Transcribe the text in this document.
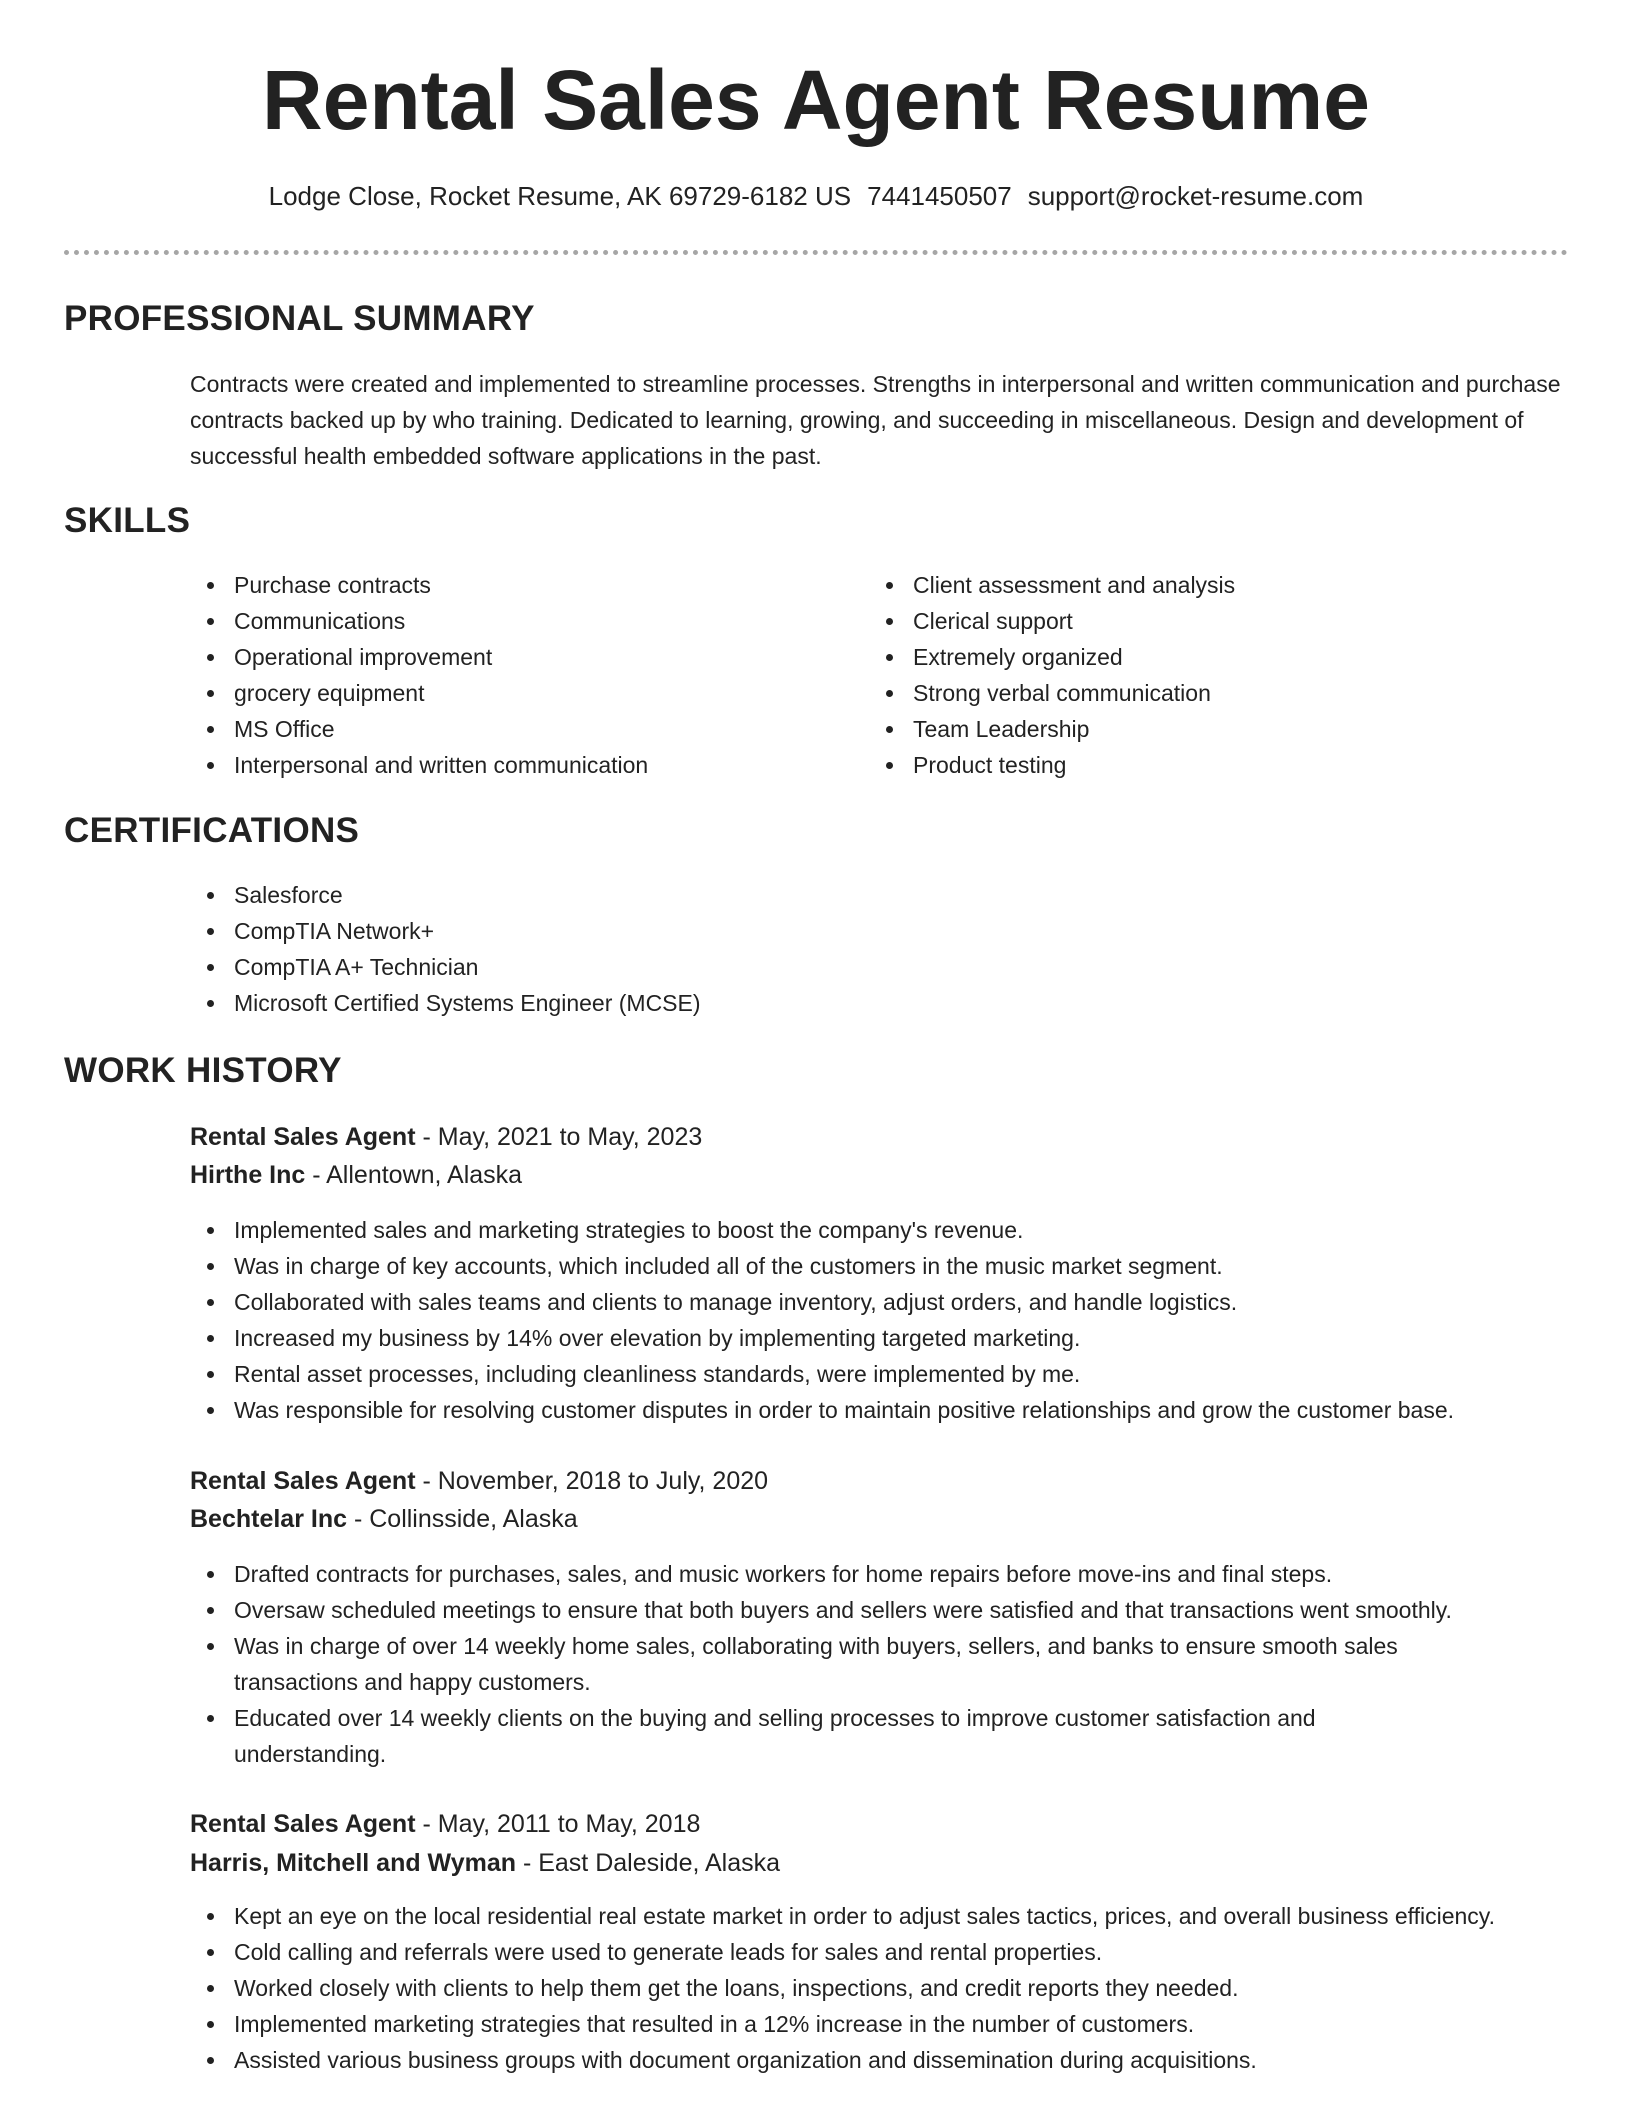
Rental Sales Agent Resume
Lodge Close, Rocket Resume, AK 69729-6182 US 7441450507 support@rocket-resume.com
PROFESSIONAL SUMMARY

Contracts were created and implemented to streamline processes. Strengths in interpersonal and written communication and purchase contracts backed up by who training. Dedicated to learning, growing, and succeeding in miscellaneous. Design and development of successful health embedded software applications in the past.

SKILLS
Purchase contracts
Communications
Operational improvement
grocery equipment
MS Office
Interpersonal and written communication
Client assessment and analysis
Clerical support
Extremely organized
Strong verbal communication
Team Leadership
Product testing
CERTIFICATIONS
Salesforce
CompTIA Network+
CompTIA A+ Technician
Microsoft Certified Systems Engineer (MCSE)
WORK HISTORY
Rental Sales Agent - May, 2021 to May, 2023
Hirthe Inc - Allentown, Alaska
Implemented sales and marketing strategies to boost the company's revenue.
Was in charge of key accounts, which included all of the customers in the music market segment.
Collaborated with sales teams and clients to manage inventory, adjust orders, and handle logistics.
Increased my business by 14% over elevation by implementing targeted marketing.
Rental asset processes, including cleanliness standards, were implemented by me.
Was responsible for resolving customer disputes in order to maintain positive relationships and grow the customer base.
Rental Sales Agent - November, 2018 to July, 2020
Bechtelar Inc - Collinsside, Alaska
Drafted contracts for purchases, sales, and music workers for home repairs before move-ins and final steps.
Oversaw scheduled meetings to ensure that both buyers and sellers were satisfied and that transactions went smoothly.
Was in charge of over 14 weekly home sales, collaborating with buyers, sellers, and banks to ensure smooth sales transactions and happy customers.
Educated over 14 weekly clients on the buying and selling processes to improve customer satisfaction and understanding.
Rental Sales Agent - May, 2011 to May, 2018
Harris, Mitchell and Wyman - East Daleside, Alaska
Kept an eye on the local residential real estate market in order to adjust sales tactics, prices, and overall business efficiency.
Cold calling and referrals were used to generate leads for sales and rental properties.
Worked closely with clients to help them get the loans, inspections, and credit reports they needed.
Implemented marketing strategies that resulted in a 12% increase in the number of customers.
Assisted various business groups with document organization and dissemination during acquisitions.
